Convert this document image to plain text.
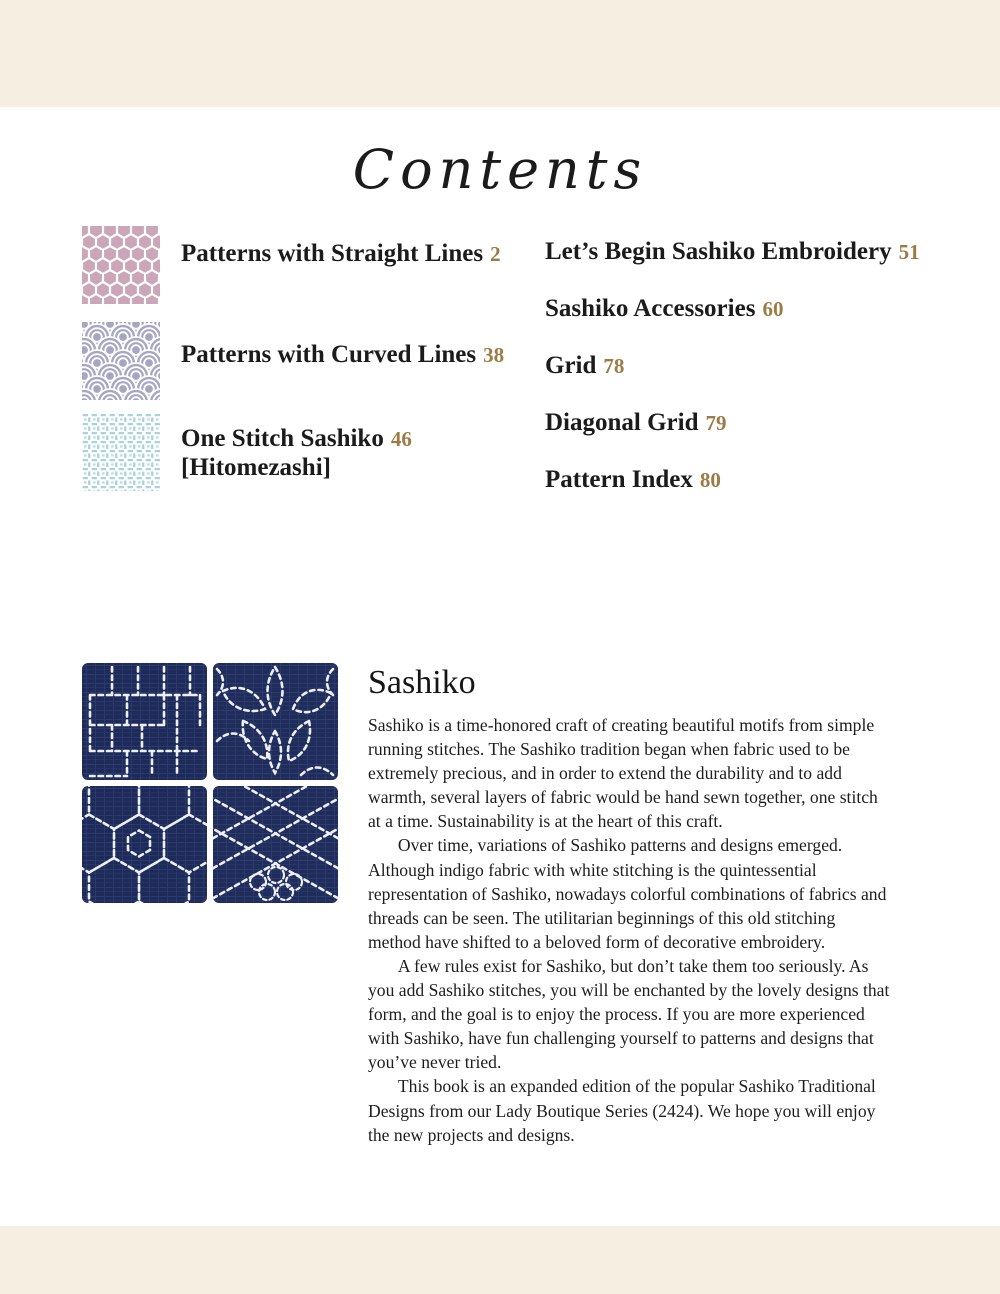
Contents
Patterns with Straight Lines 2
Patterns with Curved Lines 38
One Stitch Sashiko 46
[Hitomezashi]
Let’s Begin Sashiko Embroidery 51
Sashiko Accessories 60
Grid 78
Diagonal Grid 79
Pattern Index 80
Sashiko

Sashiko is a time-honored craft of creating beautiful motifs from simple running stitches. The Sashiko tradition began when fabric used to be extremely precious, and in order to extend the durability and to add warmth, several layers of fabric would be hand sewn together, one stitch at a time. Sustainability is at the heart of this craft.

Over time, variations of Sashiko patterns and designs emerged. Although indigo fabric with white stitching is the quintessential representation of Sashiko, nowadays colorful combinations of fabrics and threads can be seen. The utilitarian beginnings of this old stitching method have shifted to a beloved form of decorative embroidery.

A few rules exist for Sashiko, but don’t take them too seriously. As you add Sashiko stitches, you will be enchanted by the lovely designs that form, and the goal is to enjoy the process. If you are more experienced with Sashiko, have fun challenging yourself to patterns and designs that you’ve never tried.

This book is an expanded edition of the popular Sashiko Traditional Designs from our Lady Boutique Series (2424). We hope you will enjoy the new projects and designs.
